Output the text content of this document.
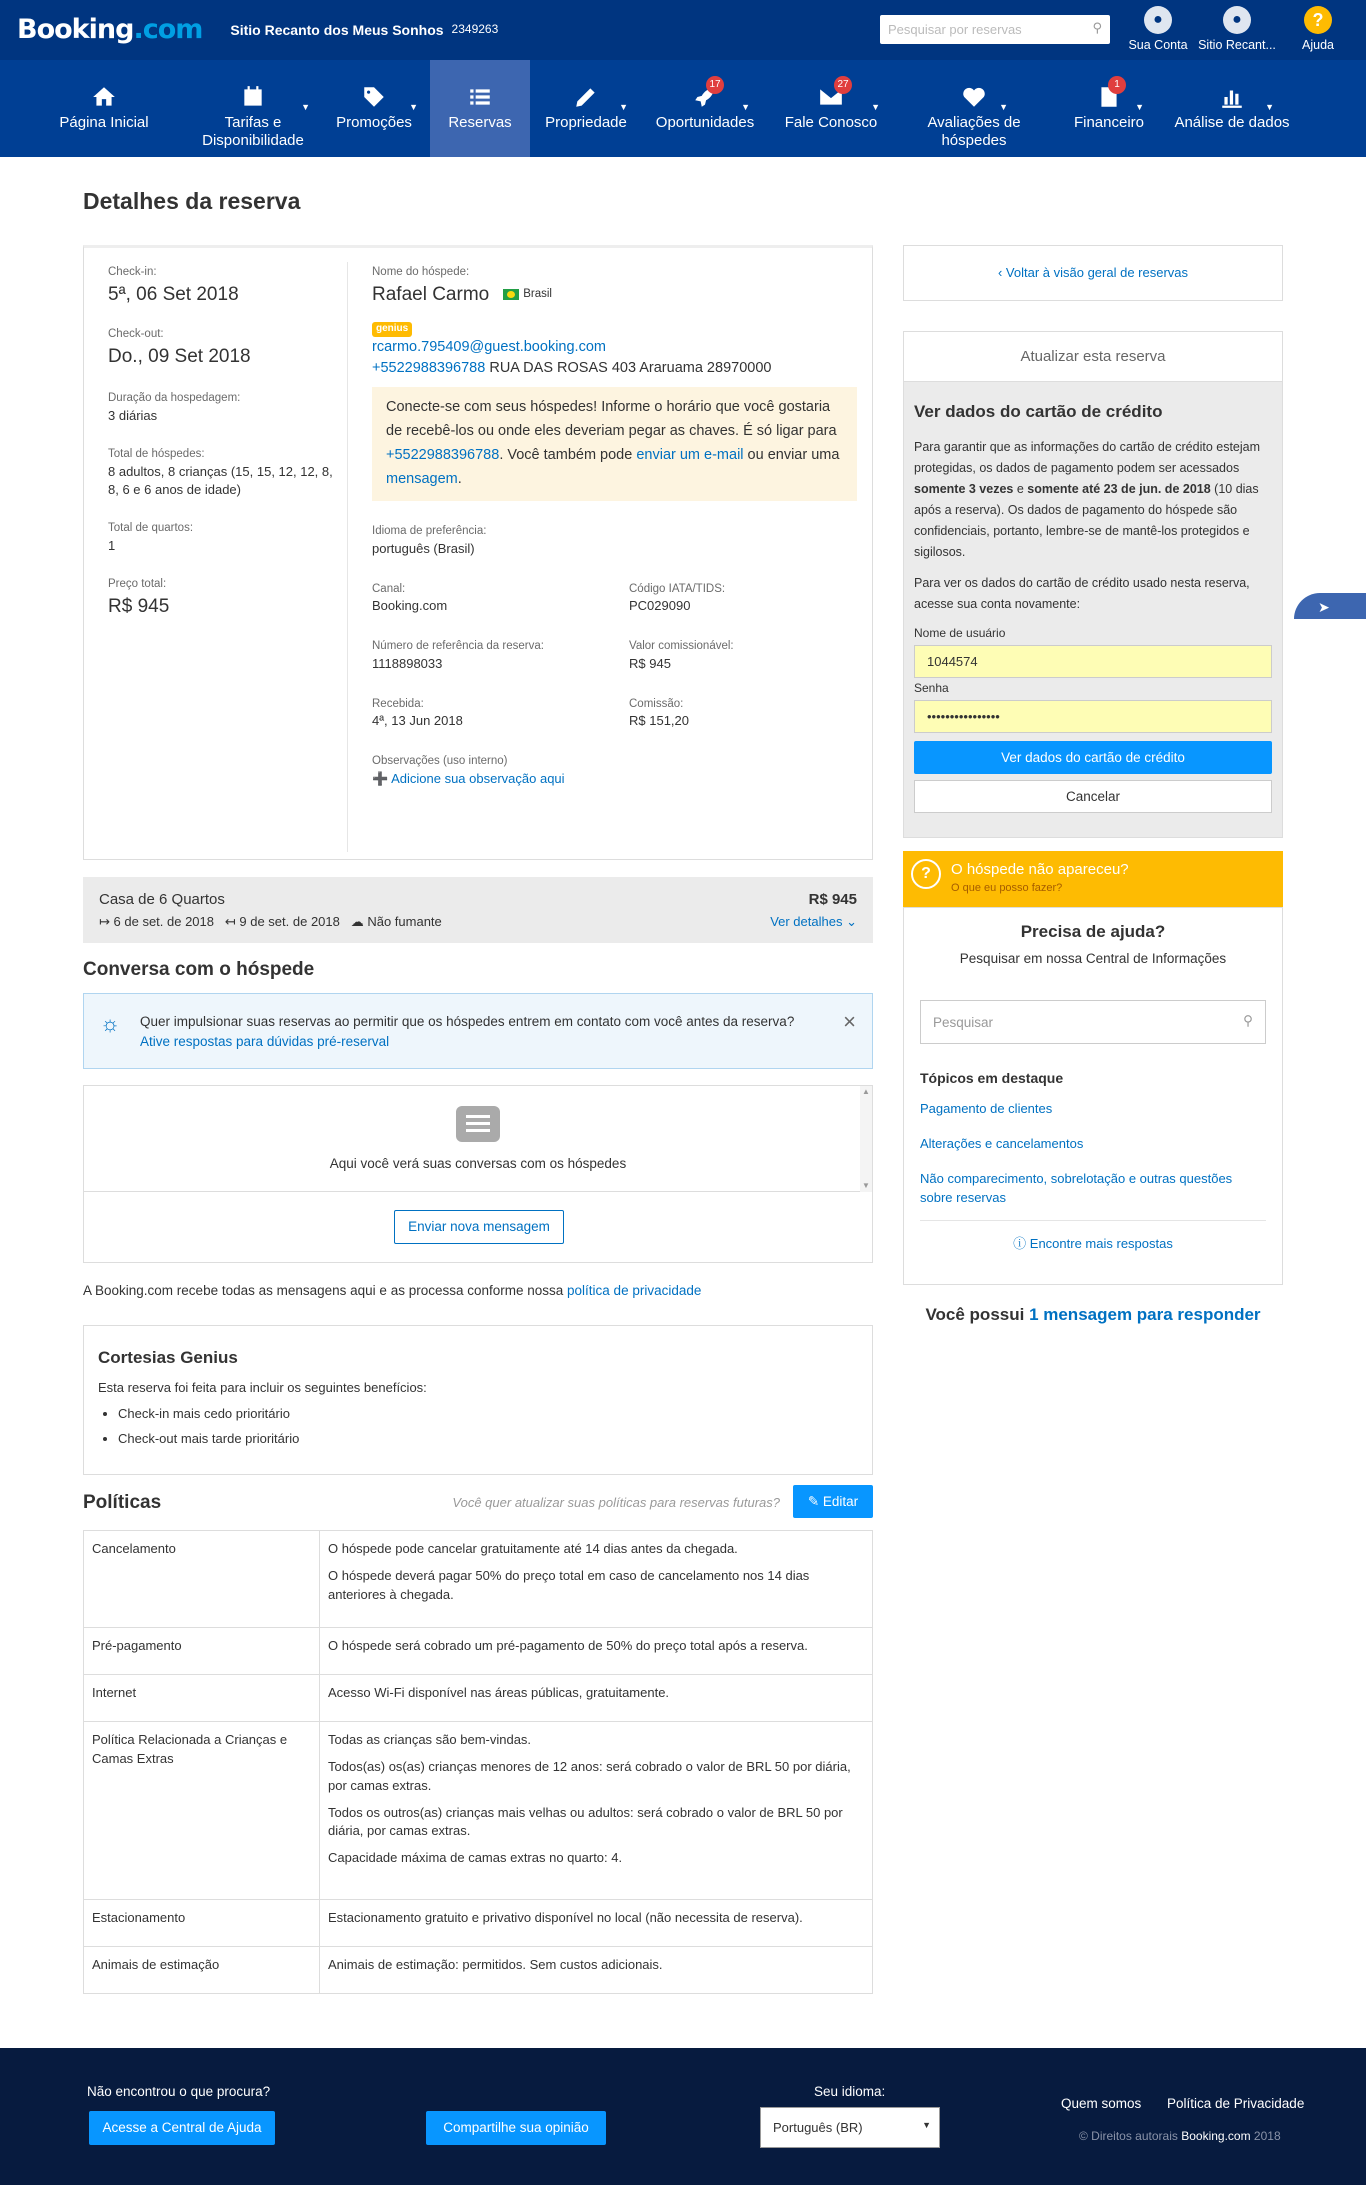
Booking.com Sitio Recanto dos Meus Sonhos 2349263	Pesquisar por reservas	⚲	●
Sua Conta
●
Sitio Recant...
?
Ajuda
Página Inicial
▼
Tarifas e
Disponibilidade
▼
Promoções	Reservas
▼
Propriedade
▼
17
Oportunidades
▼
27
Fale Conosco
▼
Avaliações de
hóspedes
▼
1
Financeiro
▼
Análise de dados
Detalhes da reserva
Check-in:
5ª, 06 Set 2018
Check-out:
Do., 09 Set 2018
Duração da hospedagem:
3 diárias
Total de hóspedes:
8 adultos, 8 crianças (15, 15, 12, 12, 8, 8, 6 e 6 anos de idade)
Total de quartos:
1
Preço total:
R$ 945
Nome do hóspede:
Rafael Carmo	Brasil
genius
rcarmo.795409@guest.booking.com
+5522988396788 RUA DAS ROSAS 403 Araruama 28970000
Conecte-se com seus hóspedes! Informe o horário que você gostaria de recebê-los ou onde eles deveriam pegar as chaves. É só ligar para +5522988396788. Você também pode enviar um e-mail ou enviar uma mensagem.
Idioma de preferência:
português (Brasil)
Canal:
Booking.com
Código IATA/TIDS:
PC029090
Número de referência da reserva:
1118898033
Valor comissionável:
R$ 945
Recebida:
4ª, 13 Jun 2018
Comissão:
R$ 151,20
Observações (uso interno)
➕ Adicione sua observação aqui
Casa de 6 Quartos	R$ 945
↦ 6 de set. de 2018 ↤ 9 de set. de 2018 ☁ Não fumante	Ver detalhes ⌄
Conversa com o hóspede
☼ Quer impulsionar suas reservas ao permitir que os hóspedes entrem em contato com você antes da reserva?
Ative respostas para dúvidas pré-reserval
×
Aqui você verá suas conversas com os hóspedes
▲
▼
Enviar nova mensagem
A Booking.com recebe todas as mensagens aqui e as processa conforme nossa política de privacidade
Cortesias Genius
Esta reserva foi feita para incluir os seguintes benefícios:
• Check-in mais cedo prioritário
• Check-out mais tarde prioritário
Políticas	Você quer atualizar suas políticas para reservas futuras?	✎ Editar
Cancelamento	O hóspede pode cancelar gratuitamente até 14 dias antes da chegada.

O hóspede deverá pagar 50% do preço total em caso de cancelamento nos 14 dias anteriores à chegada.

Pré-pagamento	O hóspede será cobrado um pré-pagamento de 50% do preço total após a reserva.

Internet	Acesso Wi-Fi disponível nas áreas públicas, gratuitamente.

Política Relacionada a Crianças e Camas Extras	Todas as crianças são bem-vindas.

Todos(as) os(as) crianças menores de 12 anos: será cobrado o valor de BRL 50 por diária, por camas extras.

Todos os outros(as) crianças mais velhas ou adultos: será cobrado o valor de BRL 50 por diária, por camas extras.

Capacidade máxima de camas extras no quarto: 4.

Estacionamento	Estacionamento gratuito e privativo disponível no local (não necessita de reserva).

Animais de estimação	Animais de estimação: permitidos. Sem custos adicionais.

‹ Voltar à visão geral de reservas
Atualizar esta reserva
Ver dados do cartão de crédito
Para garantir que as informações do cartão de crédito estejam protegidas, os dados de pagamento podem ser acessados somente 3 vezes e somente até 23 de jun. de 2018 (10 dias após a reserva). Os dados de pagamento do hóspede são confidenciais, portanto, lembre-se de mantê-los protegidos e sigilosos.
Para ver os dados do cartão de crédito usado nesta reserva, acesse sua conta novamente:
Nome de usuário
1044574
Senha
••••••••••••••••
Ver dados do cartão de crédito
Cancelar
?	O hóspede não apareceu?
O que eu posso fazer?
Precisa de ajuda?
Pesquisar em nossa Central de Informações
Pesquisar	⚲
Tópicos em destaque
Pagamento de clientes
Alterações e cancelamentos
Não comparecimento, sobrelotação e outras questões sobre reservas
ⓘ Encontre mais respostas
Você possui 1 mensagem para responder
➤
Não encontrou o que procura?
Acesse a Central de Ajuda	Compartilhe sua opinião
Seu idioma:
Português (BR)	▼
Quem somos Política de Privacidade
© Direitos autorais Booking.com 2018
